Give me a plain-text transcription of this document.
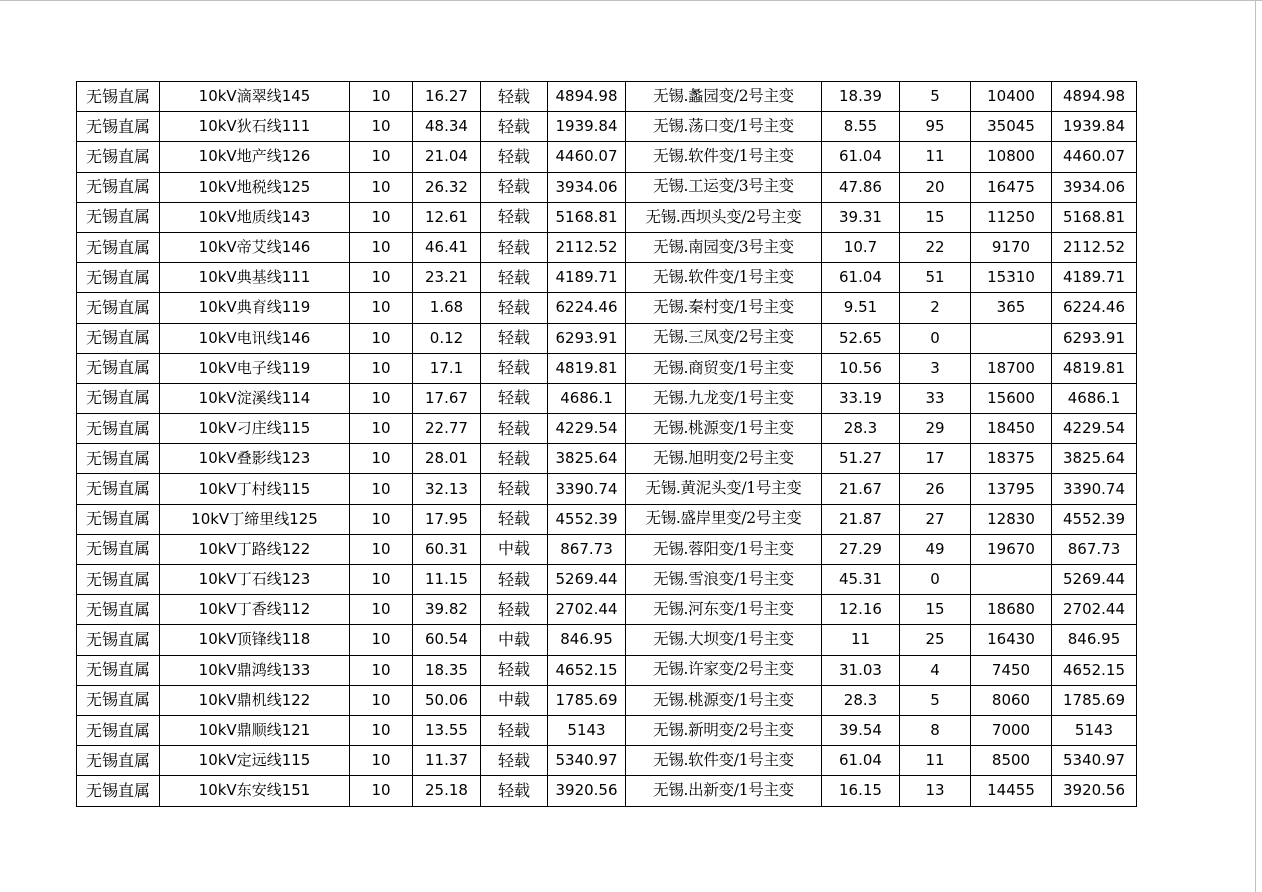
无锡直属	10kV滴翠线145	10	16.27	轻载	4894.98	无锡.蠡园变/2号主变	18.39	5	10400	4894.98
无锡直属	10kV狄石线111	10	48.34	轻载	1939.84	无锡.荡口变/1号主变	8.55	95	35045	1939.84
无锡直属	10kV地产线126	10	21.04	轻载	4460.07	无锡.软件变/1号主变	61.04	11	10800	4460.07
无锡直属	10kV地税线125	10	26.32	轻载	3934.06	无锡.工运变/3号主变	47.86	20	16475	3934.06
无锡直属	10kV地质线143	10	12.61	轻载	5168.81	无锡.西坝头变/2号主变	39.31	15	11250	5168.81
无锡直属	10kV帝艾线146	10	46.41	轻载	2112.52	无锡.南园变/3号主变	10.7	22	9170	2112.52
无锡直属	10kV典基线111	10	23.21	轻载	4189.71	无锡.软件变/1号主变	61.04	51	15310	4189.71
无锡直属	10kV典育线119	10	1.68	轻载	6224.46	无锡.秦村变/1号主变	9.51	2	365	6224.46
无锡直属	10kV电讯线146	10	0.12	轻载	6293.91	无锡.三凤变/2号主变	52.65	0		6293.91
无锡直属	10kV电子线119	10	17.1	轻载	4819.81	无锡.商贸变/1号主变	10.56	3	18700	4819.81
无锡直属	10kV淀溪线114	10	17.67	轻载	4686.1	无锡.九龙变/1号主变	33.19	33	15600	4686.1
无锡直属	10kV刁庄线115	10	22.77	轻载	4229.54	无锡.桃源变/1号主变	28.3	29	18450	4229.54
无锡直属	10kV叠影线123	10	28.01	轻载	3825.64	无锡.旭明变/2号主变	51.27	17	18375	3825.64
无锡直属	10kV丁村线115	10	32.13	轻载	3390.74	无锡.黄泥头变/1号主变	21.67	26	13795	3390.74
无锡直属	10kV丁缔里线125	10	17.95	轻载	4552.39	无锡.盛岸里变/2号主变	21.87	27	12830	4552.39
无锡直属	10kV丁路线122	10	60.31	中载	867.73	无锡.蓉阳变/1号主变	27.29	49	19670	867.73
无锡直属	10kV丁石线123	10	11.15	轻载	5269.44	无锡.雪浪变/1号主变	45.31	0		5269.44
无锡直属	10kV丁香线112	10	39.82	轻载	2702.44	无锡.河东变/1号主变	12.16	15	18680	2702.44
无锡直属	10kV顶锋线118	10	60.54	中载	846.95	无锡.大坝变/1号主变	11	25	16430	846.95
无锡直属	10kV鼎鸿线133	10	18.35	轻载	4652.15	无锡.许家变/2号主变	31.03	4	7450	4652.15
无锡直属	10kV鼎机线122	10	50.06	中载	1785.69	无锡.桃源变/1号主变	28.3	5	8060	1785.69
无锡直属	10kV鼎顺线121	10	13.55	轻载	5143	无锡.新明变/2号主变	39.54	8	7000	5143
无锡直属	10kV定远线115	10	11.37	轻载	5340.97	无锡.软件变/1号主变	61.04	11	8500	5340.97
无锡直属	10kV东安线151	10	25.18	轻载	3920.56	无锡.出新变/1号主变	16.15	13	14455	3920.56
